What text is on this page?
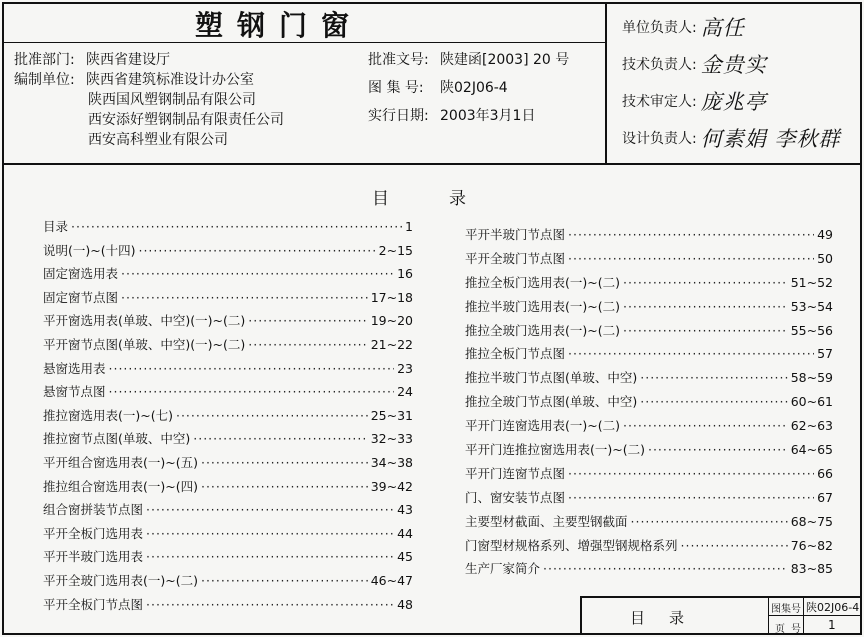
塑钢门窗
批准部门: 陕西省建设厅
编制单位: 陕西省建筑标准设计办公室
陕西国风塑钢制品有限公司
西安添好塑钢制品有限责任公司
西安高科塑业有限公司
批准文号: 陕建函[2003] 20 号
图 集 号: 陕02J06-4
实行日期: 2003年3月1日
单位负责人: 高任
技术负责人: 金贵实
技术审定人: 庞兆亭
设计负责人: 何素娟 李秋群
目录
目录 ·····	1
说明(一)~(十四) ·····	2~15
固定窗选用表 ·····	16
固定窗节点图 ·····	17~18
平开窗选用表(单玻、中空)(一)~(二) ·····	19~20
平开窗节点图(单玻、中空)(一)~(二) ·····	21~22
悬窗选用表 ·····	23
悬窗节点图 ·····	24
推拉窗选用表(一)~(七) ·····	25~31
推拉窗节点图(单玻、中空) ·····	32~33
平开组合窗选用表(一)~(五) ·····	34~38
推拉组合窗选用表(一)~(四) ·····	39~42
组合窗拼装节点图 ·····	43
平开全板门选用表 ·····	44
平开半玻门选用表 ·····	45
平开全玻门选用表(一)~(二) ·····	46~47
平开全板门节点图 ·····	48
平开半玻门节点图 ·····	49
平开全玻门节点图 ·····	50
推拉全板门选用表(一)~(二) ·····	51~52
推拉半玻门选用表(一)~(二) ·····	53~54
推拉全玻门选用表(一)~(二) ·····	55~56
推拉全板门节点图 ·····	57
推拉半玻门节点图(单玻、中空) ·····	58~59
推拉全玻门节点图(单玻、中空) ·····	60~61
平开门连窗选用表(一)~(二) ·····	62~63
平开门连推拉窗选用表(一)~(二) ·····	64~65
平开门连窗节点图 ·····	66
门、窗安装节点图 ·····	67
主要型材截面、主要型钢截面 ·····	68~75
门窗型材规格系列、增强型钢规格系列 ·····	76~82
生产厂家简介 ·····	83~85
目录	图集号 陕02J06-4
页号 1
